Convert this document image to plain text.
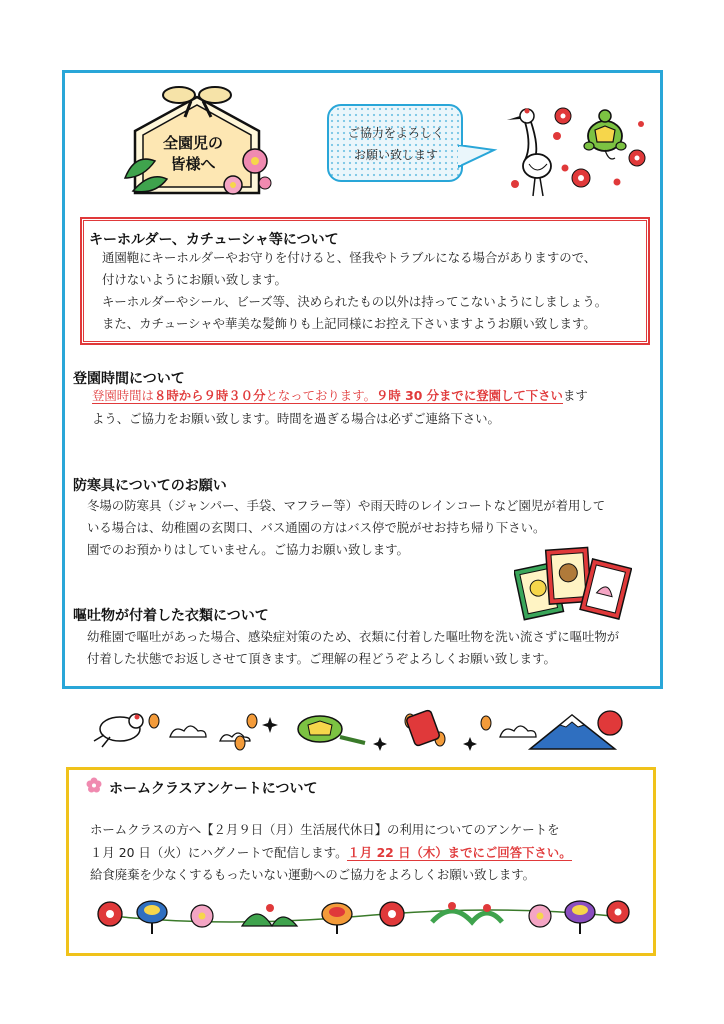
全園児の
皆様へ
ご協力をよろしく
お願い致します
キーホルダー、カチューシャ等について
通園鞄にキーホルダーやお守りを付けると、怪我やトラブルになる場合がありますので、
付けないようにお願い致します。
キーホルダーやシール、ビーズ等、決められたもの以外は持ってこないようにしましょう。
また、カチューシャや華美な髪飾りも上記同様にお控え下さいますようお願い致します。
登園時間について
登園時間は８時から９時３０分となっております。９時 30 分までに登園して下さいます
よう、ご協力をお願い致します。時間を過ぎる場合は必ずご連絡下さい。
防寒具についてのお願い
冬場の防寒具（ジャンパー、手袋、マフラー等）や雨天時のレインコートなど園児が着用して
いる場合は、幼稚園の玄関口、バス通園の方はバス停で脱がせお持ち帰り下さい。
園でのお預かりはしていません。ご協力お願い致します。
嘔吐物が付着した衣類について
幼稚園で嘔吐があった場合、感染症対策のため、衣類に付着した嘔吐物を洗い流さずに嘔吐物が
付着した状態でお返しさせて頂きます。ご理解の程どうぞよろしくお願い致します。
ホームクラスアンケートについて
ホームクラスの方へ【２月９日（月）生活展代休日】の利用についてのアンケートを
１月 20 日（火）にハグノートで配信します。１月 22 日（木）までにご回答下さい。
給食廃棄を少なくするもったいない運動へのご協力をよろしくお願い致します。
